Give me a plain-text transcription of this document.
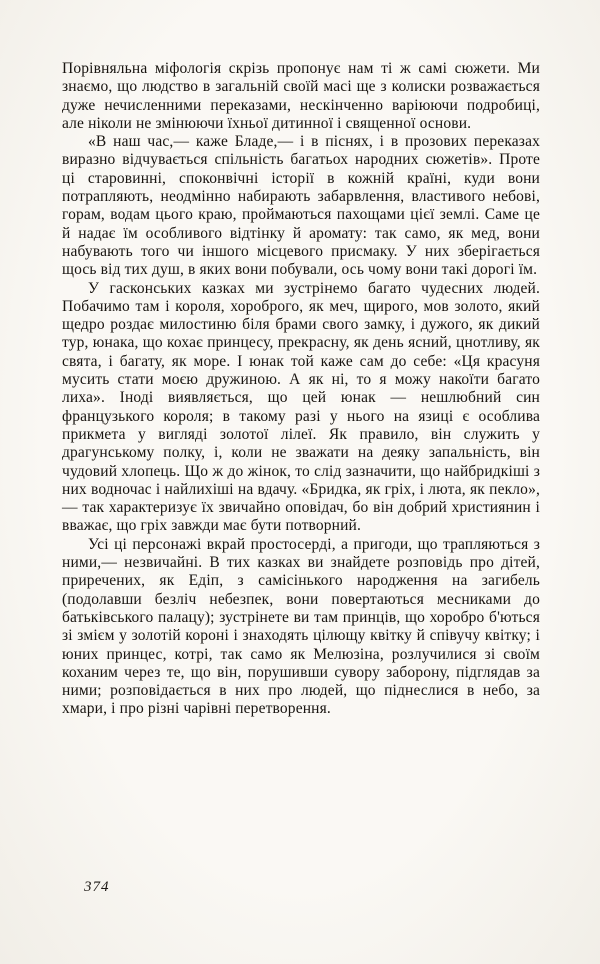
Порівняльна міфологія скрізь пропонує нам ті ж самі сюжети. Ми знаємо, що людство в загальній своїй масі ще з колиски розважається дуже нечисленними переказами, нескінченно варіюючи подробиці, але ніколи не змінюючи їхньої дитинної і священної основи.

«В наш час,— каже Бладе,— і в піснях, і в прозових переказах виразно відчувається спільність багатьох народних сюжетів». Проте ці старовинні, споконвічні історії в кожній країні, куди вони потрапляють, неодмінно набирають забарвлення, властивого небові, горам, водам цього краю, проймаються пахощами цієї землі. Саме це й надає їм особливого відтінку й аромату: так само, як мед, вони набувають того чи іншого місцевого присмаку. У них зберігається щось від тих душ, в яких вони побували, ось чому вони такі дорогі їм.

У гасконських казках ми зустрінемо багато чудесних людей. Побачимо там і короля, хороброго, як меч, щирого, мов золото, який щедро роздає милостиню біля брами свого замку, і дужого, як дикий тур, юнака, що кохає принцесу, прекрасну, як день ясний, цнотливу, як свята, і багату, як море. І юнак той каже сам до себе: «Ця красуня мусить стати моєю дружиною. А як ні, то я можу накоїти багато лиха». Іноді виявляється, що цей юнак — нешлюбний син французького короля; в такому разі у нього на язиці є особлива прикмета у вигляді золотої лілеї. Як правило, він служить у драгунському полку, і, коли не зважати на деяку запальність, він чудовий хлопець. Що ж до жінок, то слід зазначити, що найбридкіші з них водночас і найлихіші на вдачу. «Бридка, як гріх, і люта, як пекло»,— так характеризує їх звичайно оповідач, бо він добрий християнин і вважає, що гріх завжди має бути потворний.

Усі ці персонажі вкрай простосерді, а пригоди, що трапляються з ними,— незвичайні. В тих казках ви знайдете розповідь про дітей, приречених, як Едіп, з самісінького народження на загибель (подолавши безліч небезпек, вони повертаються месниками до батьківського палацу); зустрінете ви там принців, що хоробро б'ються зі змієм у золотій короні і знаходять цілющу квітку й співучу квітку; і юних принцес, котрі, так само як Мелюзіна, розлучилися зі своїм коханим через те, що він, порушивши сувору заборону, підглядав за ними; розповідається в них про людей, що піднеслися в небо, за хмари, і про різні чарівні перетворення.

374
